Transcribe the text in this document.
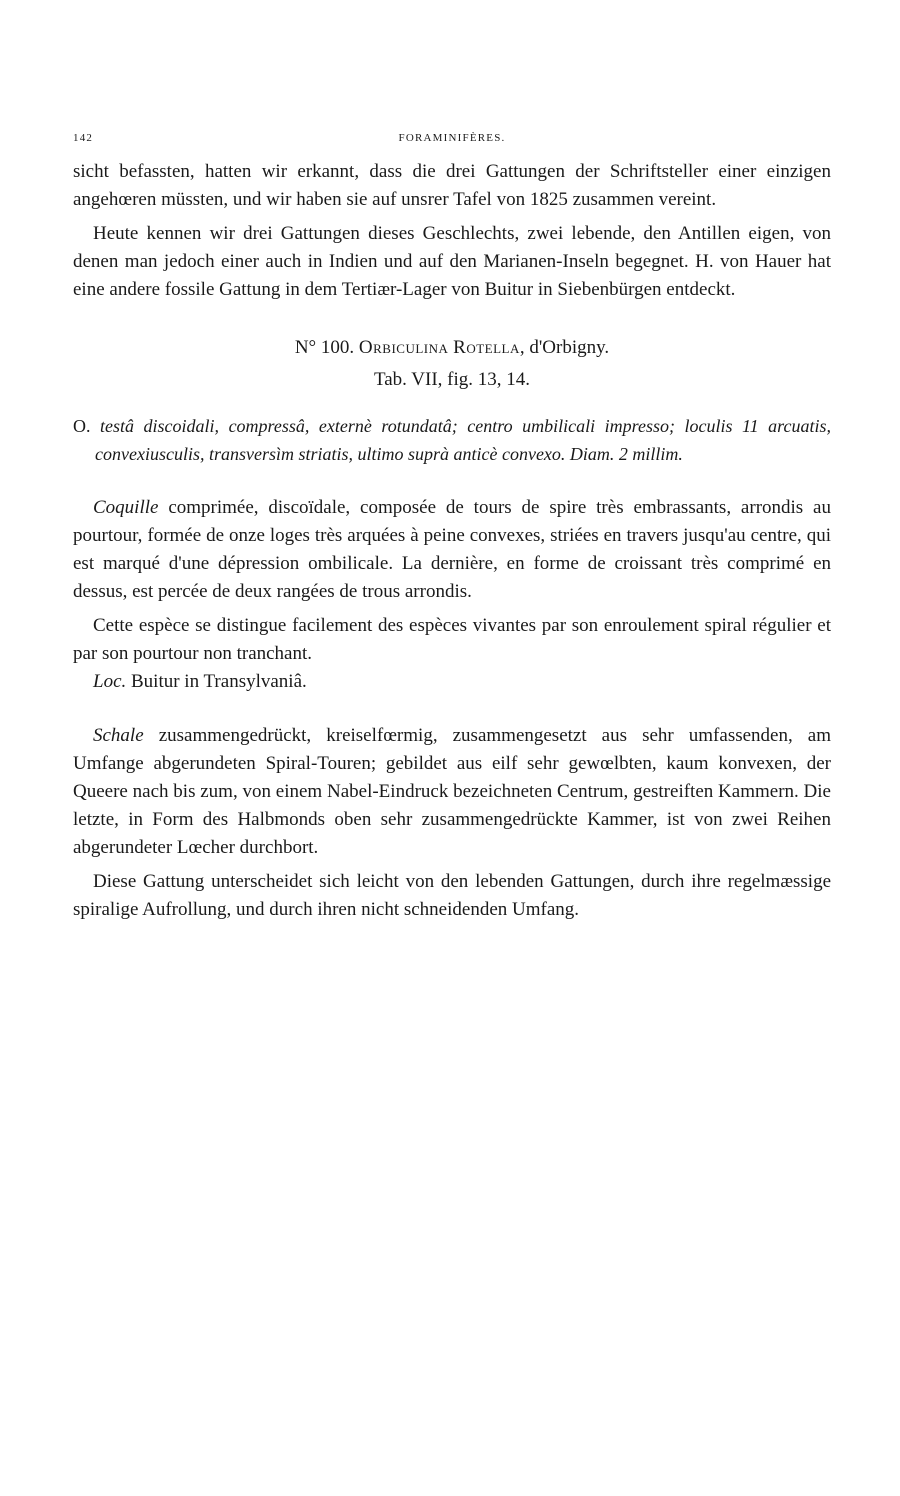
142	FORAMINIFÈRES.

sicht befassten, hatten wir erkannt, dass die drei Gattungen der Schriftsteller einer einzigen angehœren müssten, und wir haben sie auf unsrer Tafel von 1825 zusammen vereint.

Heute kennen wir drei Gattungen dieses Geschlechts, zwei lebende, den Antillen eigen, von denen man jedoch einer auch in Indien und auf den Marianen-Inseln begegnet. H. von Hauer hat eine andere fossile Gattung in dem Tertiær-Lager von Buitur in Siebenbürgen entdeckt.

N° 100. Orbiculina Rotella, d'Orbigny.
Tab. VII, fig. 13, 14.

O. testâ discoidali, compressâ, externè rotundatâ; centro umbilicali impresso; loculis 11 arcuatis, convexiusculis, transversìm striatis, ultimo suprà anticè convexo. Diam. 2 millim.

Coquille comprimée, discoïdale, composée de tours de spire très embrassants, arrondis au pourtour, formée de onze loges très arquées à peine convexes, striées en travers jusqu'au centre, qui est marqué d'une dépression ombilicale. La dernière, en forme de croissant très comprimé en dessus, est percée de deux rangées de trous arrondis.

Cette espèce se distingue facilement des espèces vivantes par son enroulement spiral régulier et par son pourtour non tranchant.

Loc. Buitur in Transylvaniâ.

Schale zusammengedrückt, kreiselfœrmig, zusammengesetzt aus sehr umfassenden, am Umfange abgerundeten Spiral-Touren; gebildet aus eilf sehr gewœlbten, kaum konvexen, der Queere nach bis zum, von einem Nabel-Eindruck bezeichneten Centrum, gestreiften Kammern. Die letzte, in Form des Halbmonds oben sehr zusammengedrückte Kammer, ist von zwei Reihen abgerundeter Lœcher durchbort.

Diese Gattung unterscheidet sich leicht von den lebenden Gattungen, durch ihre regelmæssige spiralige Aufrollung, und durch ihren nicht schneidenden Umfang.
